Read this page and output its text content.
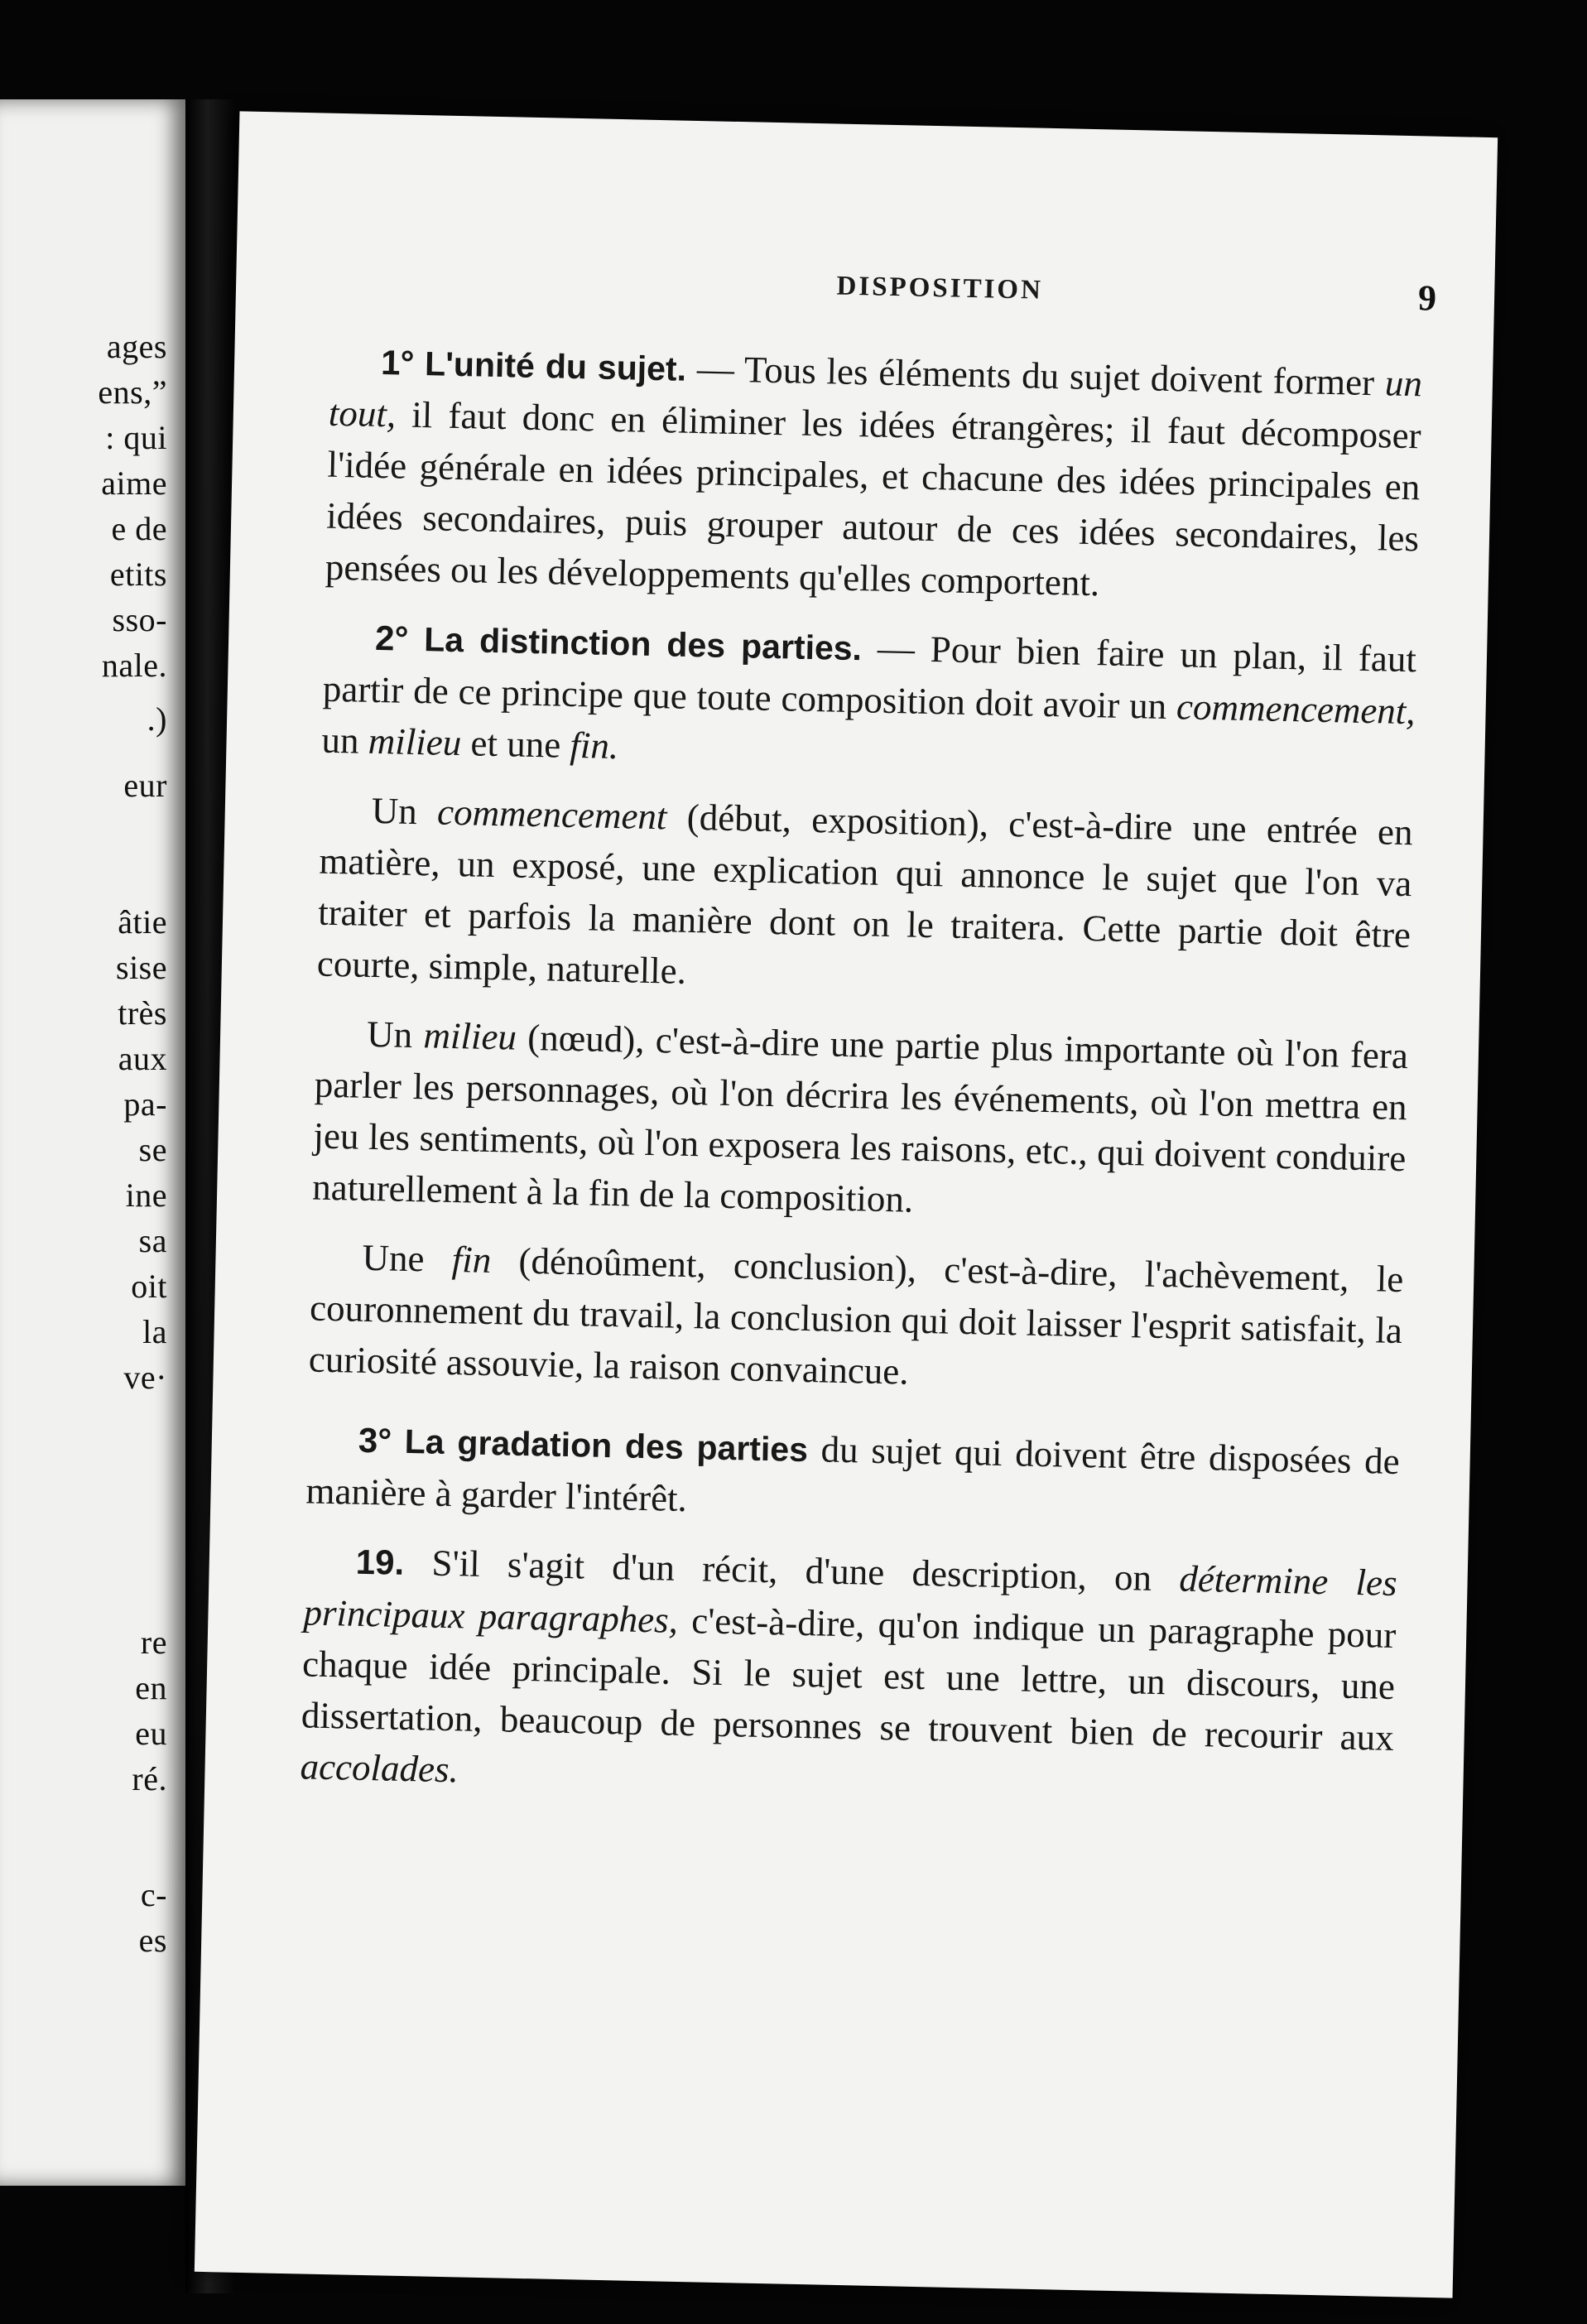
ages
ens,”
: qui
aime
e de
etits
sso-
nale.
.)
eur
âtie
sise
très
aux
pa-
se
ine
sa
oit
la
ve·
re
en
eu
ré.
c-
es
DISPOSITION	9

1° L'unité du sujet. — Tous les éléments du sujet doivent former un tout, il faut donc en éliminer les idées étrangères; il faut décomposer l'idée générale en idées principales, et chacune des idées principales en idées secondaires, puis grouper autour de ces idées secondaires, les pensées ou les développements qu'elles comportent.

2° La distinction des parties. — Pour bien faire un plan, il faut partir de ce principe que toute composition doit avoir un commencement, un milieu et une fin.

Un commencement (début, exposition), c'est-à-dire une entrée en matière, un exposé, une explication qui annonce le sujet que l'on va traiter et parfois la manière dont on le traitera. Cette partie doit être courte, simple, naturelle.

Un milieu (nœud), c'est-à-dire une partie plus importante où l'on fera parler les personnages, où l'on décrira les événements, où l'on mettra en jeu les sentiments, où l'on exposera les raisons, etc., qui doivent conduire naturellement à la fin de la composition.

Une fin (dénoûment, conclusion), c'est-à-dire, l'achèvement, le couronnement du travail, la conclusion qui doit laisser l'esprit satisfait, la curiosité assouvie, la raison convaincue.

3° La gradation des parties du sujet qui doivent être disposées de manière à garder l'intérêt.

19. S'il s'agit d'un récit, d'une description, on détermine les principaux paragraphes, c'est-à-dire, qu'on indique un paragraphe pour chaque idée principale. Si le sujet est une lettre, un discours, une dissertation, beaucoup de personnes se trouvent bien de recourir aux accolades.
